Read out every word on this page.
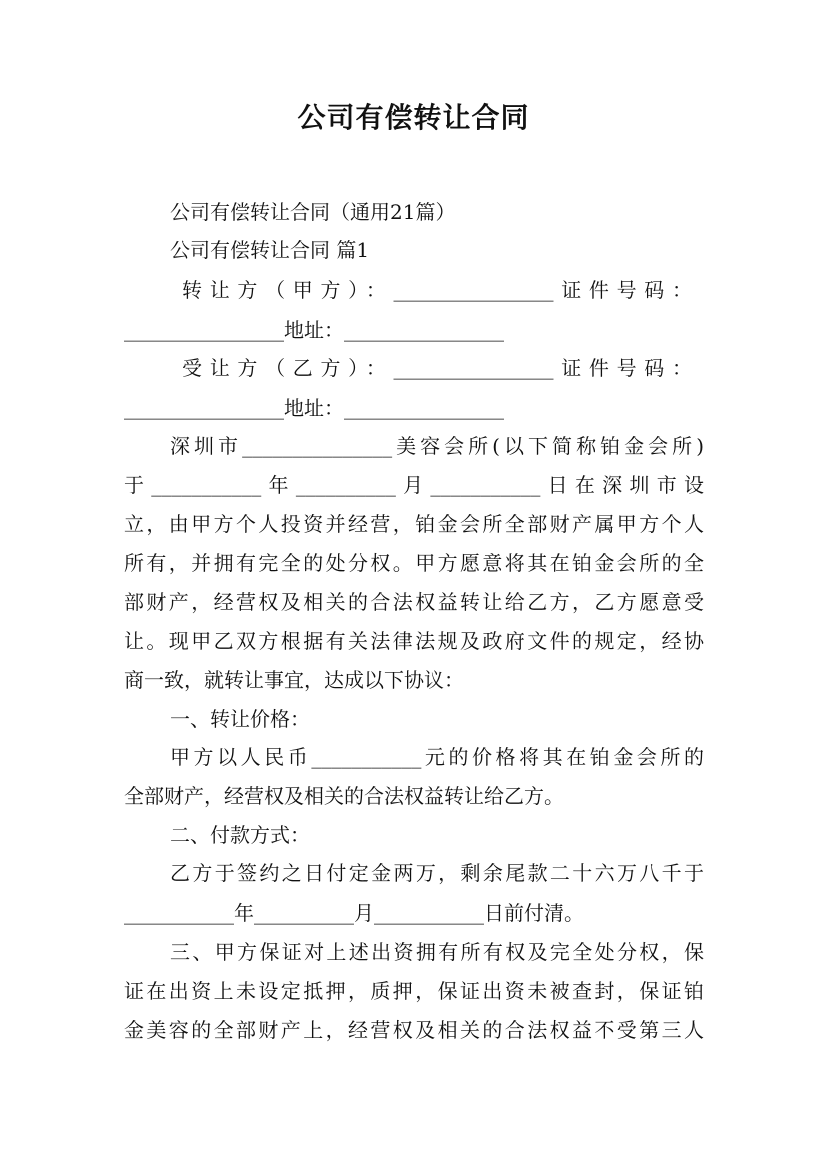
公司有偿转让合同
公司有偿转让合同（通用21篇）
公司有偿转让合同 篇1
转让方（甲方）：________________证件号码：
________________地址：________________
受让方（乙方）：________________证件号码：
________________地址：________________
深圳市_______________美容会所(以下简称铂金会所)
于___________年__________月___________日在深圳市设
立，由甲方个人投资并经营，铂金会所全部财产属甲方个人
所有，并拥有完全的处分权。甲方愿意将其在铂金会所的全
部财产，经营权及相关的合法权益转让给乙方，乙方愿意受
让。现甲乙双方根据有关法律法规及政府文件的规定，经协
商一致，就转让事宜，达成以下协议：
一、转让价格：
甲方以人民币___________元的价格将其在铂金会所的
全部财产，经营权及相关的合法权益转让给乙方。
二、付款方式：
乙方于签约之日付定金两万，剩余尾款二十六万八千于
___________年__________月___________日前付清。
三、甲方保证对上述出资拥有所有权及完全处分权，保
证在出资上未设定抵押，质押，保证出资未被查封，保证铂
金美容的全部财产上，经营权及相关的合法权益不受第三人
